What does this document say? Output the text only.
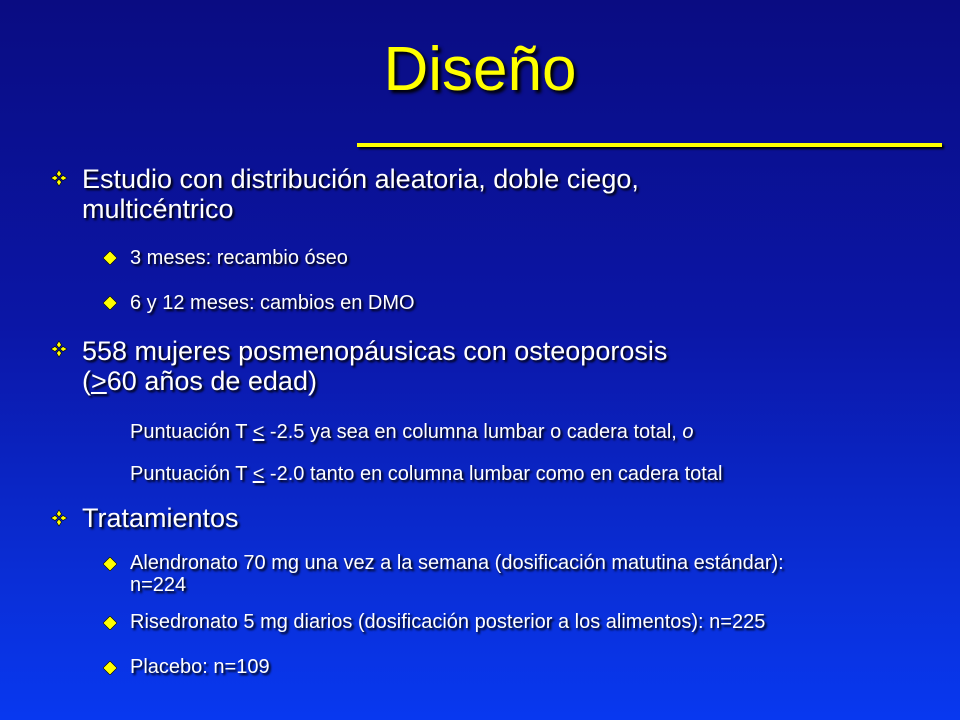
Diseño
Estudio con distribución aleatoria, doble ciego,
multicéntrico
3 meses: recambio óseo
6 y 12 meses: cambios en DMO
558 mujeres posmenopáusicas con osteoporosis
(>60 años de edad)
Puntuación T < -2.5 ya sea en columna lumbar o cadera total, o
Puntuación T < -2.0 tanto en columna lumbar como en cadera total
Tratamientos
Alendronato 70 mg una vez a la semana (dosificación matutina estándar):
n=224
Risedronato 5 mg diarios (dosificación posterior a los alimentos): n=225
Placebo: n=109
